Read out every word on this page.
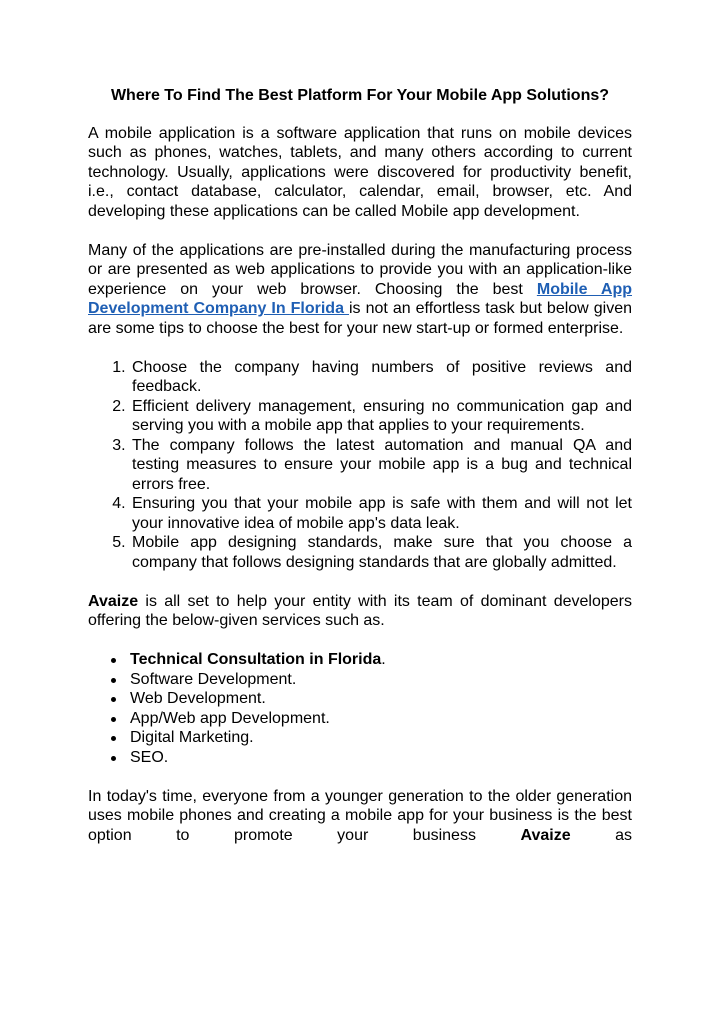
Where To Find The Best Platform For Your Mobile App Solutions?

A mobile application is a software application that runs on mobile devices such as phones, watches, tablets, and many others according to current technology. Usually, applications were discovered for productivity benefit, i.e., contact database, calculator, calendar, email, browser, etc. And developing these applications can be called Mobile app development.

Many of the applications are pre-installed during the manufacturing process or are presented as web applications to provide you with an application-like experience on your web browser. Choosing the best Mobile App Development Company In Florida is not an effortless task but below given are some tips to choose the best for your new start-up or formed enterprise.

1. Choose the company having numbers of positive reviews and feedback.
2. Efficient delivery management, ensuring no communication gap and serving you with a mobile app that applies to your requirements.
3. The company follows the latest automation and manual QA and testing measures to ensure your mobile app is a bug and technical errors free.
4. Ensuring you that your mobile app is safe with them and will not let your innovative idea of mobile app's data leak.
5. Mobile app designing standards, make sure that you choose a company that follows designing standards that are globally admitted.

Avaize is all set to help your entity with its team of dominant developers offering the below-given services such as.

Technical Consultation in Florida.
Software Development.
Web Development.
App/Web app Development.
Digital Marketing.
SEO.

In today's time, everyone from a younger generation to the older generation uses mobile phones and creating a mobile app for your business is the best option to promote your business Avaize as
